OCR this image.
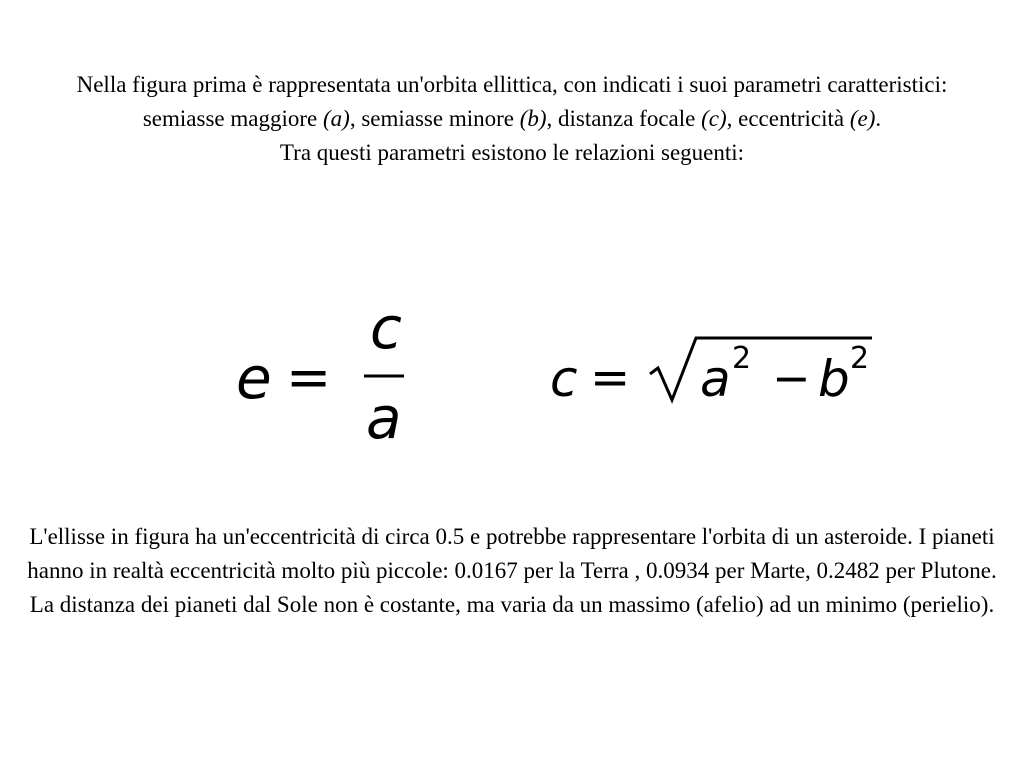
Nella figura prima è rappresentata un'orbita ellittica, con indicati i suoi parametri caratteristici: semiasse maggiore (a), semiasse minore (b), distanza focale (c), eccentricità (e).

Tra questi parametri esistono le relazioni seguenti:

e =
c
a
c = a 2 − b 2

L'ellisse in figura ha un'eccentricità di circa 0.5 e potrebbe rappresentare l'orbita di un asteroide. I pianeti hanno in realtà eccentricità molto più piccole: 0.0167 per la Terra , 0.0934 per Marte, 0.2482 per Plutone.

La distanza dei pianeti dal Sole non è costante, ma varia da un massimo (afelio) ad un minimo (perielio).
